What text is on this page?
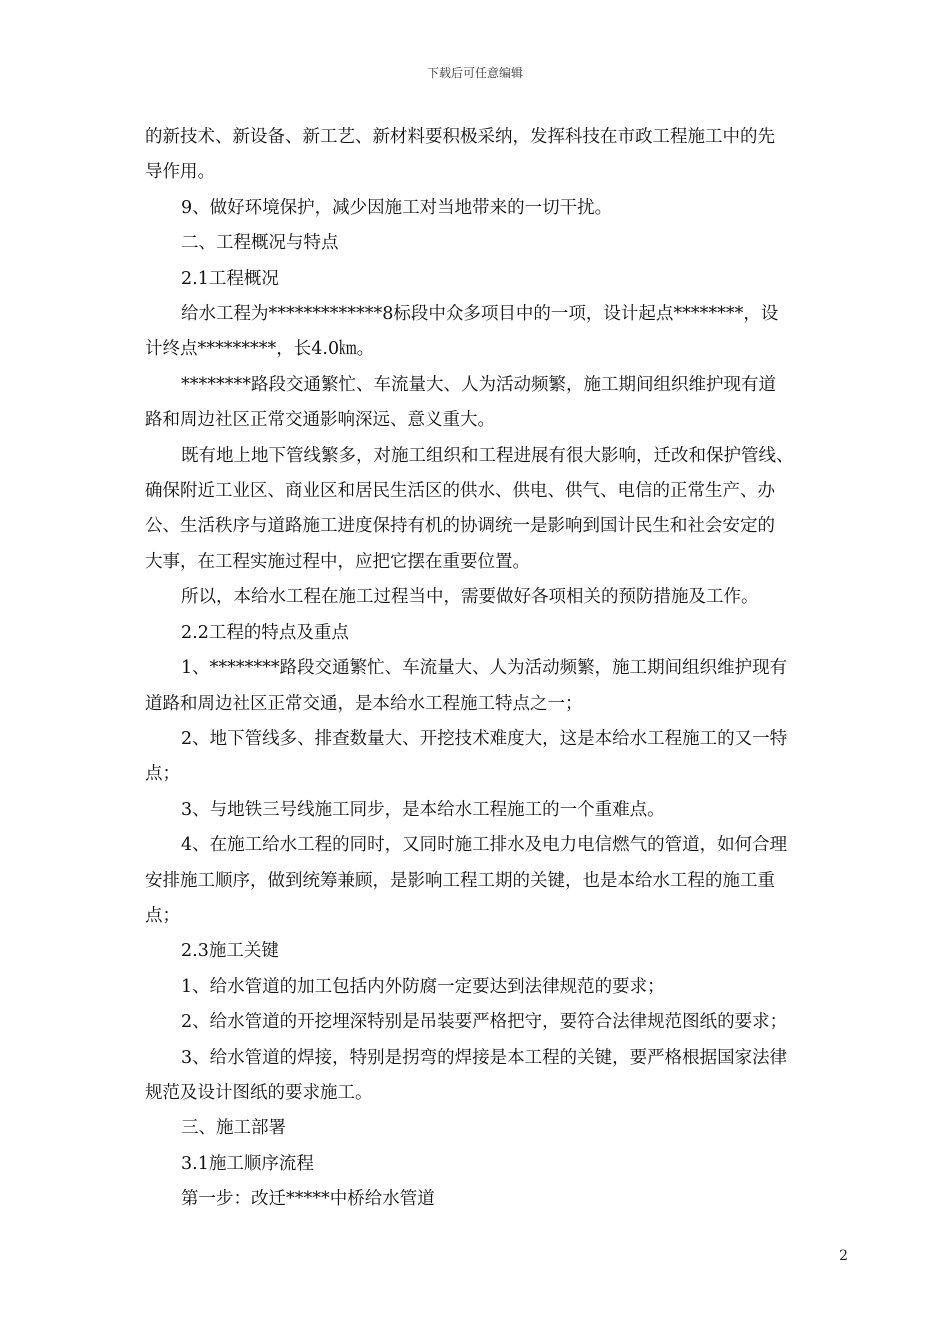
下载后可任意编辑

的新技术、新设备、新工艺、新材料要积极采纳，发挥科技在市政工程施工中的先

导作用。

9、做好环境保护，减少因施工对当地带来的一切干扰。

二、工程概况与特点

2.1工程概况

给水工程为*************8标段中众多项目中的一项，设计起点********，设

计终点*********，长4.0㎞。

********路段交通繁忙、车流量大、人为活动频繁，施工期间组织维护现有道

路和周边社区正常交通影响深远、意义重大。

既有地上地下管线繁多，对施工组织和工程进展有很大影响，迁改和保护管线、

确保附近工业区、商业区和居民生活区的供水、供电、供气、电信的正常生产、办

公、生活秩序与道路施工进度保持有机的协调统一是影响到国计民生和社会安定的

大事，在工程实施过程中，应把它摆在重要位置。

所以，本给水工程在施工过程当中，需要做好各项相关的预防措施及工作。

2.2工程的特点及重点

1、********路段交通繁忙、车流量大、人为活动频繁，施工期间组织维护现有

道路和周边社区正常交通，是本给水工程施工特点之一；

2、地下管线多、排查数量大、开挖技术难度大，这是本给水工程施工的又一特

点；

3、与地铁三号线施工同步，是本给水工程施工的一个重难点。

4、在施工给水工程的同时，又同时施工排水及电力电信燃气的管道，如何合理

安排施工顺序，做到统筹兼顾，是影响工程工期的关键，也是本给水工程的施工重

点；

2.3施工关键

1、给水管道的加工包括内外防腐一定要达到法律规范的要求；

2、给水管道的开挖埋深特别是吊装要严格把守，要符合法律规范图纸的要求；

3、给水管道的焊接，特别是拐弯的焊接是本工程的关键，要严格根据国家法律

规范及设计图纸的要求施工。

三、施工部署

3.1施工顺序流程

第一步：改迁*****中桥给水管道

2
